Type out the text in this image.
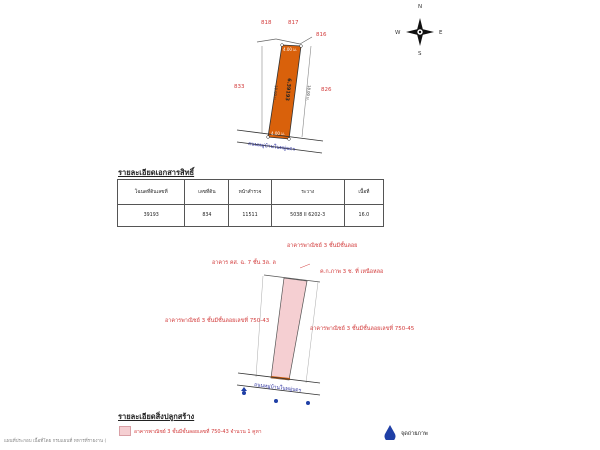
818	817
816
833	826
4.00 ม.
4.00 ม.
6.39193
18.00 ม.	18.00 ม.
ถนนหมู่บ้านในหมู่บดร
N
S
E
W
รายละเอียดเอกสารสิทธิ์
โฉนดที่ดินเลขที่	เลขที่ดิน	หน้าสำรวจ	ระวาง	เนื้อที่
39193	834	11511	5038 II 6202-3	16.0
ถนนหมู่บ้านในหมู่บดร
อาคารพาณิชย์ 3 ชั้นมีชั้นลอย
อาคาร คส. ฉ. 7 ชั้น 3ล. ล
ค.ก.ภาพ 3 ช. ที่ เหนือหลอ
อาคารพาณิชย์ 3 ชั้นมีชั้นลอยเลขที่ 750-43
อาคารพาณิชย์ 3 ชั้นมีชั้นลอยเลขที่ 750-45
รายละเอียดสิ่งปลูกสร้าง
อาคารพาณิชย์ 3 ชั้นมีชั้นลอยเลขที่ 750-43 จำนวน 1 คูหา	จุดถ่ายภาพ
แผนที่ประกอบ เนื้อที่โดย กรมแผนที่ ทหารที่รายงาน (
